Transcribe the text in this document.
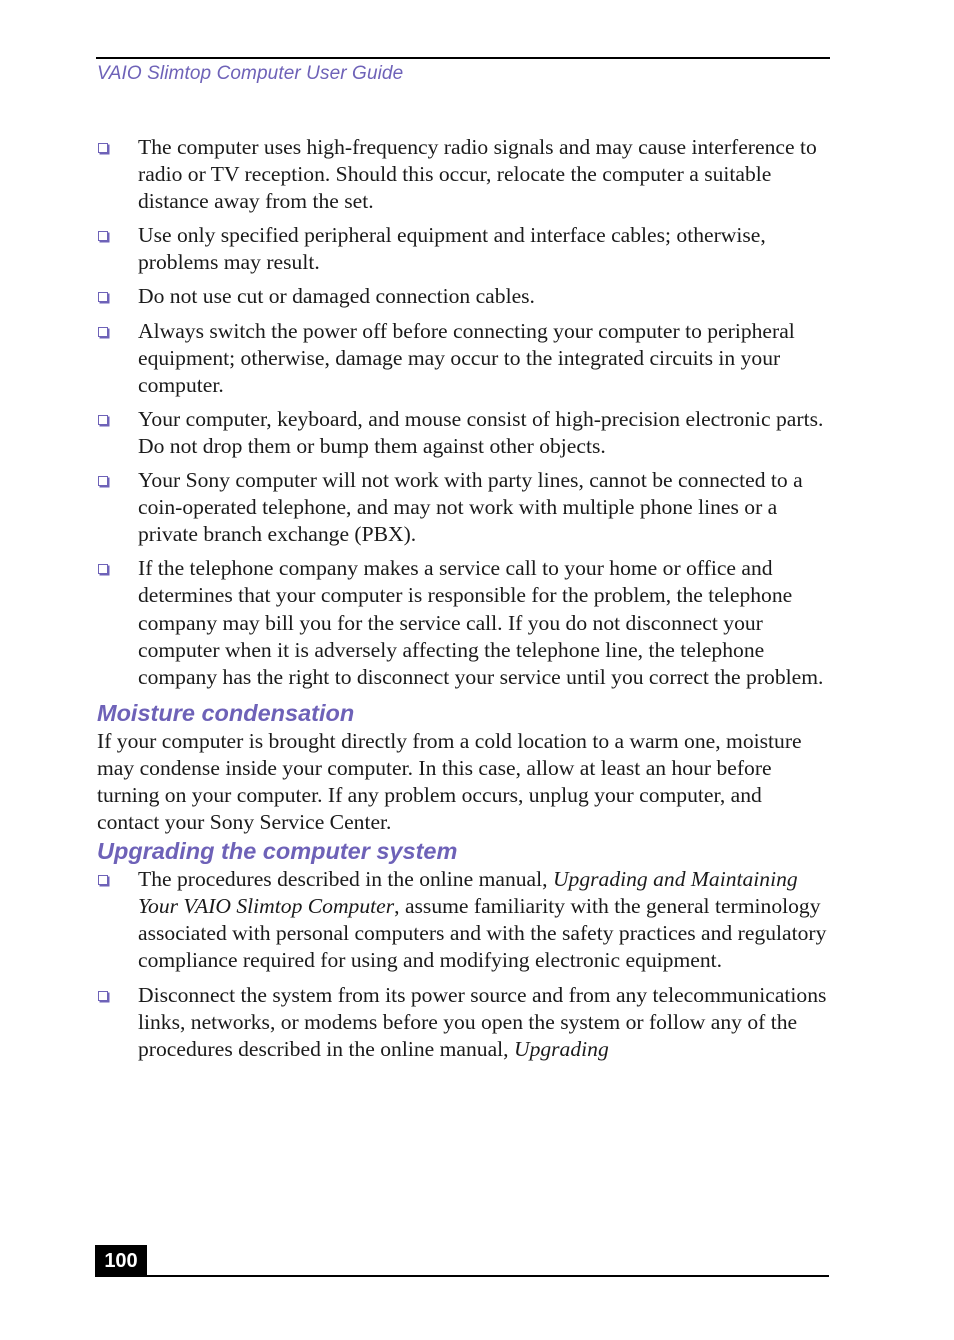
VAIO Slimtop Computer User Guide
The computer uses high-frequency radio signals and may cause interference to radio or TV reception. Should this occur, relocate the computer a suitable distance away from the set.
Use only specified peripheral equipment and interface cables; otherwise, problems may result.
Do not use cut or damaged connection cables.
Always switch the power off before connecting your computer to peripheral equipment; otherwise, damage may occur to the integrated circuits in your computer.
Your computer, keyboard, and mouse consist of high-precision electronic parts. Do not drop them or bump them against other objects.
Your Sony computer will not work with party lines, cannot be connected to a coin-operated telephone, and may not work with multiple phone lines or a private branch exchange (PBX).
If the telephone company makes a service call to your home or office and determines that your computer is responsible for the problem, the telephone company may bill you for the service call. If you do not disconnect your computer when it is adversely affecting the telephone line, the telephone company has the right to disconnect your service until you correct the problem.
Moisture condensation

If your computer is brought directly from a cold location to a warm one, moisture may condense inside your computer. In this case, allow at least an hour before turning on your computer. If any problem occurs, unplug your computer, and contact your Sony Service Center.

Upgrading the computer system
The procedures described in the online manual, Upgrading and Maintaining Your VAIO Slimtop Computer, assume familiarity with the general terminology associated with personal computers and with the safety practices and regulatory compliance required for using and modifying electronic equipment.
Disconnect the system from its power source and from any telecommunications links, networks, or modems before you open the system or follow any of the procedures described in the online manual, Upgrading
100
